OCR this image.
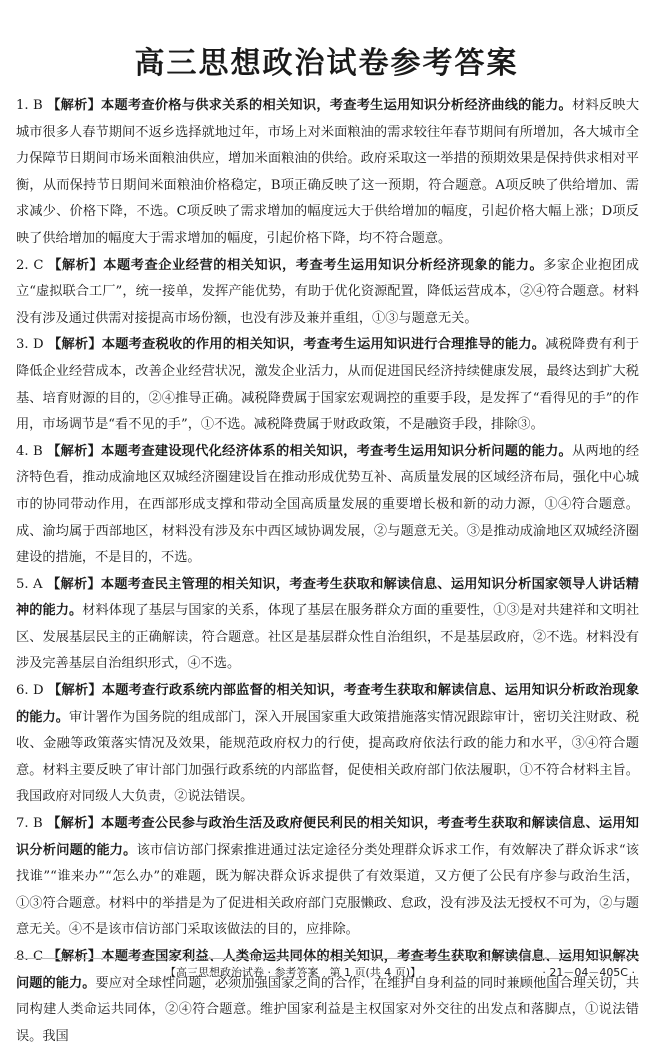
高三思想政治试卷参考答案

1. B 【解析】本题考查价格与供求关系的相关知识，考查考生运用知识分析经济曲线的能力。材料反映大城市很多人春节期间不返乡选择就地过年，市场上对米面粮油的需求较往年春节期间有所增加，各大城市全力保障节日期间市场米面粮油供应，增加米面粮油的供给。政府采取这一举措的预期效果是保持供求相对平衡，从而保持节日期间米面粮油价格稳定，B项正确反映了这一预期，符合题意。A项反映了供给增加、需求减少、价格下降，不选。C项反映了需求增加的幅度远大于供给增加的幅度，引起价格大幅上涨；D项反映了供给增加的幅度大于需求增加的幅度，引起价格下降，均不符合题意。

2. C 【解析】本题考查企业经营的相关知识，考查考生运用知识分析经济现象的能力。多家企业抱团成立“虚拟联合工厂”，统一接单，发挥产能优势，有助于优化资源配置，降低运营成本，②④符合题意。材料没有涉及通过供需对接提高市场份额，也没有涉及兼并重组，①③与题意无关。

3. D 【解析】本题考查税收的作用的相关知识，考查考生运用知识进行合理推导的能力。减税降费有利于降低企业经营成本，改善企业经营状况，激发企业活力，从而促进国民经济持续健康发展，最终达到扩大税基、培育财源的目的，②④推导正确。减税降费属于国家宏观调控的重要手段，是发挥了“看得见的手”的作用，市场调节是“看不见的手”，①不选。减税降费属于财政政策，不是融资手段，排除③。

4. B 【解析】本题考查建设现代化经济体系的相关知识，考查考生运用知识分析问题的能力。从两地的经济特色看，推动成渝地区双城经济圈建设旨在推动形成优势互补、高质量发展的区域经济布局，强化中心城市的协同带动作用，在西部形成支撑和带动全国高质量发展的重要增长极和新的动力源，①④符合题意。成、渝均属于西部地区，材料没有涉及东中西区域协调发展，②与题意无关。③是推动成渝地区双城经济圈建设的措施，不是目的，不选。

5. A 【解析】本题考查民主管理的相关知识，考查考生获取和解读信息、运用知识分析国家领导人讲话精神的能力。材料体现了基层与国家的关系，体现了基层在服务群众方面的重要性，①③是对共建祥和文明社区、发展基层民主的正确解读，符合题意。社区是基层群众性自治组织，不是基层政府，②不选。材料没有涉及完善基层自治组织形式，④不选。

6. D 【解析】本题考查行政系统内部监督的相关知识，考查考生获取和解读信息、运用知识分析政治现象的能力。审计署作为国务院的组成部门，深入开展国家重大政策措施落实情况跟踪审计，密切关注财政、税收、金融等政策落实情况及效果，能规范政府权力的行使，提高政府依法行政的能力和水平，③④符合题意。材料主要反映了审计部门加强行政系统的内部监督，促使相关政府部门依法履职，①不符合材料主旨。我国政府对同级人大负责，②说法错误。

7. B 【解析】本题考查公民参与政治生活及政府便民利民的相关知识，考查考生获取和解读信息、运用知识分析问题的能力。该市信访部门探索推进通过法定途径分类处理群众诉求工作，有效解决了群众诉求“该找谁”“谁来办”“怎么办”的难题，既为解决群众诉求提供了有效渠道，又方便了公民有序参与政治生活，①③符合题意。材料中的举措是为了促进相关政府部门克服懒政、怠政，没有涉及法无授权不可为，②与题意无关。④不是该市信访部门采取该做法的目的，应排除。

8. C 【解析】本题考查国家利益、人类命运共同体的相关知识，考查考生获取和解读信息、运用知识解决问题的能力。要应对全球性问题，必须加强国家之间的合作，在维护自身利益的同时兼顾他国合理关切，共同构建人类命运共同体，②④符合题意。维护国家利益是主权国家对外交往的出发点和落脚点，①说法错误。我国

【高三思想政治试卷 · 参考答案　第 1 页(共 4 页)】	· 21－04－405C ·
